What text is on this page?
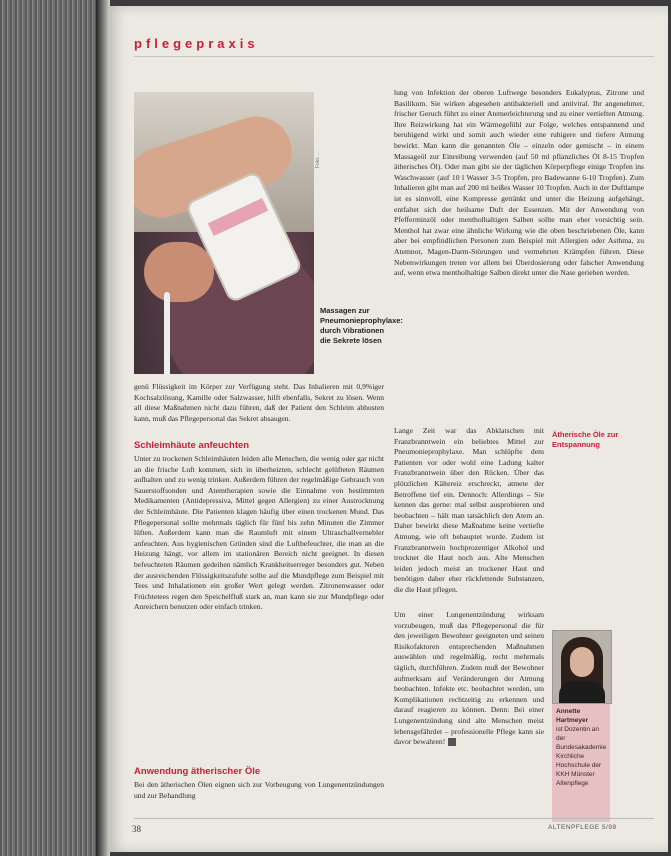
pflegepraxis
Foto: ...
Massagen zur Pneumonieprophylaxe: durch Vibrationen die Sekrete lösen
genü Flüssigkeit im Körper zur Verfügung steht. Das Inhalieren mit 0,9%iger Kochsalzlösung, Kamille oder Salzwasser, hilft ebenfalls, Sekret zu lösen. Wenn all diese Maßnahmen nicht dazu führen, daß der Patient den Schleim abhusten kann, muß das Pflegepersonal das Sekret absaugen.
Schleimhäute anfeuchten
Unter zu trockenen Schleimhäuten leiden alle Menschen, die wenig oder gar nicht an die frische Luft kommen, sich in überheizten, schlecht gelüfteten Räumen aufhalten und zu wenig trinken. Außerdem führen der regelmäßige Gebrauch von Sauerstoffsonden und Atemtherapien sowie die Einnahme von bestimmten Medikamenten (Antidepressiva, Mittel gegen Allergien) zu einer Austrocknung der Schleimhäute. Die Patienten klagen häufig über einen trockenen Mund. Das Pflegepersonal sollte mehrmals täglich für fünf bis zehn Minuten die Zimmer lüften. Außerdem kann man die Raumluft mit einem Ultraschallvernebler anfeuchten. Aus hygienischen Gründen sind die Luftbefeuchter, die man an die Heizung hängt, vor allem im stationären Bereich nicht geeignet. In diesen befeuchteten Räumen gedeihen nämlich Krankheitserreger besonders gut. Neben der ausreichenden Flüssigkeitszufuhr sollte auf die Mundpflege zum Beispiel mit Tees und Inhalationen ein großer Wert gelegt werden. Zitronenwasser oder Früchtetees regen den Speichelfluß stark an, man kann sie zur Mundpflege oder Anreichern benutzen oder einfach trinken.
Anwendung ätherischer Öle
Bei den ätherischen Ölen eignen sich zur Vorbeugung von Lungenentzündungen und zur Behandlung
lung von Infektion der oberen Luftwege besonders Eukalyptus, Zitrone und Basilikum. Sie wirken abgesehen antibakteriell und antiviral. Ihr angenehmer, frischer Geruch führt zu einer Atemerleichterung und zu einer vertieften Atmung. Ihre Reizwirkung hat ein Wärmegefühl zur Folge, welches entspannend und beruhigend wirkt und somit auch wieder eine ruhigere und tiefere Atmung bewirkt. Man kann die genannten Öle – einzeln oder gemischt – in einem Massageöl zur Einreibung verwenden (auf 50 ml pflanzliches Öl 8-15 Tropfen ätherisches Öl). Oder man gibt sie der täglichen Körperpflege einige Tropfen ins Waschwasser (auf 10 l Wasser 3-5 Tropfen, pro Badewanne 6-10 Tropfen). Zum Inhalieren gibt man auf 200 ml heißes Wasser 10 Tropfen. Auch in der Duftlampe ist es sinnvoll, eine Kompresse getränkt und unter die Heizung aufgehängt, entfaltet sich der heilsame Duft der Essenzen. Mit der Anwendung von Pfefferminzöl oder mentholhaltigen Salben sollte man eher vorsichtig sein. Menthol hat zwar eine ähnliche Wirkung wie die oben beschriebenen Öle, kann aber bei empfindlichen Personen zum Beispiel mit Allergien oder Asthma, zu Atemnot, Magen-Darm-Störungen und vermehrten Krämpfen führen. Diese Nebenwirkungen treten vor allem bei Überdosierung oder falscher Anwendung auf, wenn etwa mentholhaltige Salben direkt unter die Nase gerieben werden.
Lange Zeit war das Abklatschen mit Franzbranntwein ein beliebtes Mittel zur Pneumonieprophylaxe. Man schlüpfte dem Patienten vor oder wohl eine Ladung kalter Franzbranntwein über den Rücken. Über das plötzlichen Kältereiz erschreckt, atmete der Betroffene tief ein. Dennoch: Allerdings – Sie kennen das gerne: mal selbst ausprobieren und beobachten – hält man tatsächlich den Atem an. Daher bewirkt diese Maßnahme keine vertiefte Atmung, wie oft behauptet wurde. Zudem ist Franzbranntwein hochprozentiger Alkohol und trocknet die Haut noch aus. Alte Menschen leiden jedoch meist an trockener Haut und benötigen daher eher rückfettende Substanzen, die die Haut pflegen.
Um einer Lungenentzündung wirksam vorzubeugen, muß das Pflegepersonal die für den jeweiligen Bewohner geeigneten und seinen Risikofaktoren entsprechenden Maßnahmen auswählen und regelmäßig, recht mehrmals täglich, durchführen. Zudem muß der Bewohner aufmerksam auf Veränderungen der Atmung beobachten. Infekte etc. beobachtet werden, um Komplikationen rechtzeitig zu erkennen und darauf reagieren zu können. Denn: Bei einer Lungenentzündung sind alte Menschen meist lebensgefährdet – professionelle Pflege kann sie davor bewahren!
Ätherische Öle zur Entspannung
Annette Hartmeyer
ist Dozentin an der Bundesakademie Kirchliche Hochschule der KKH Münster Altenpflege
38	ALTENPFLEGE 5/98
